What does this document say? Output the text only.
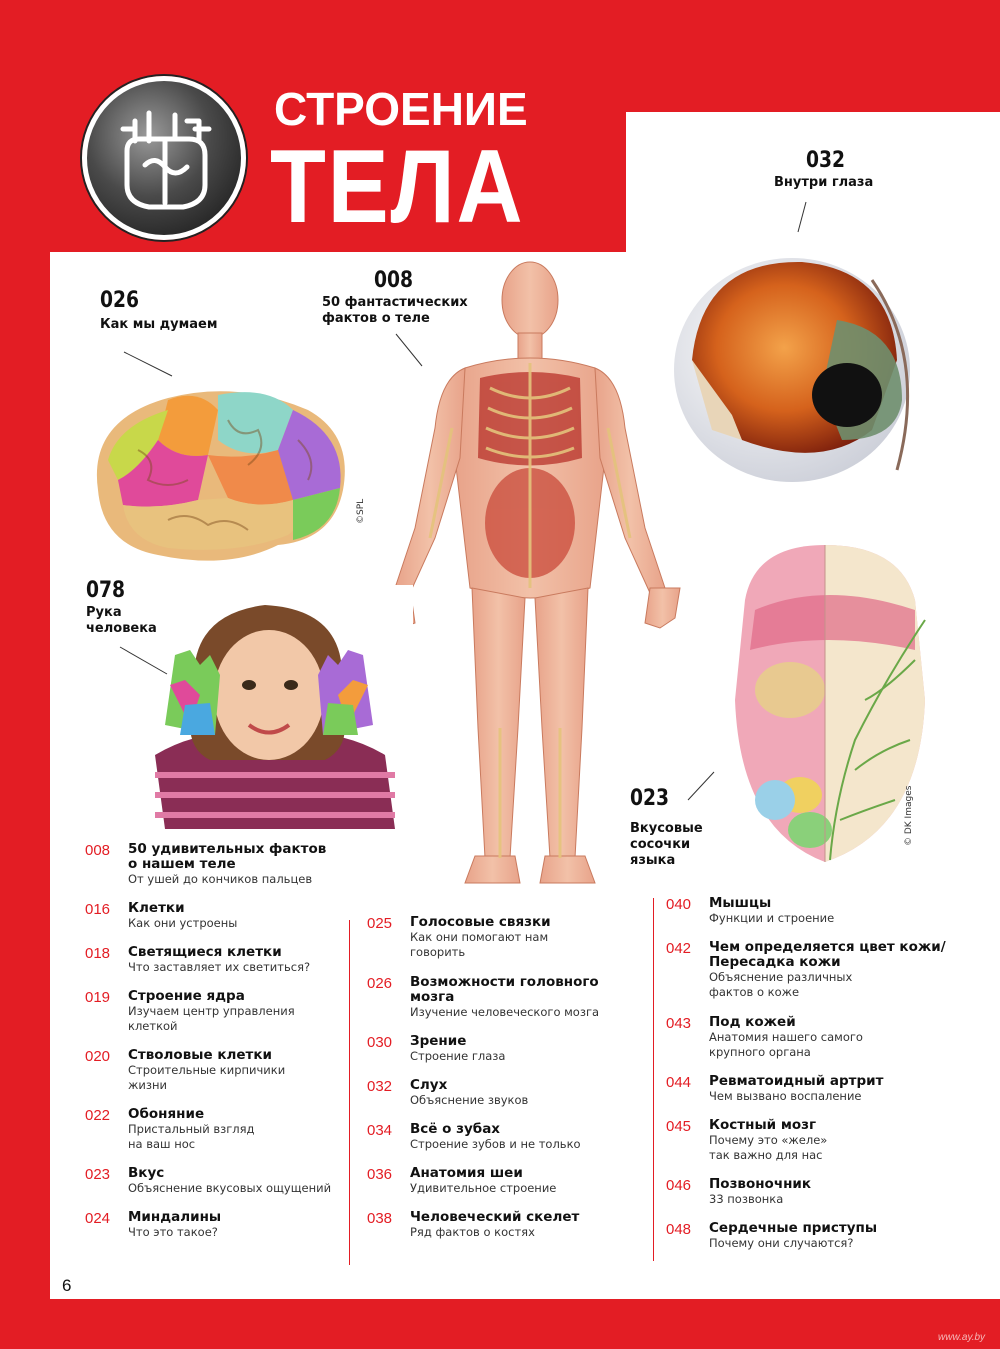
СТРОЕНИЕ
ТЕЛА	032
Внутри глаза
008
50 фантастических фактов о теле
026
Как мы думаем
078
Рука человека
023
Вкусовые сосочки языка
©SPL
© DK Images
008 50 удивительных фактов о нашем теле
От ушей до кончиков пальцев
016 Клетки
Как они устроены
018 Светящиеся клетки
Что заставляет их светиться?
019 Строение ядра
Изучаем центр управления клеткой
020 Стволовые клетки
Строительные кирпичики жизни
022 Обоняние
Пристальный взгляд на ваш нос
023 Вкус
Объяснение вкусовых ощущений
024 Миндалины
Что это такое?
025 Голосовые связки
Как они помогают нам говорить
026 Возможности головного мозга
Изучение человеческого мозга
030 Зрение
Строение глаза
032 Слух
Объяснение звуков
034 Всё о зубах
Строение зубов и не только
036 Анатомия шеи
Удивительное строение
038 Человеческий скелет
Ряд фактов о костях
040 Мышцы
Функции и строение
042 Чем определяется цвет кожи/ Пересадка кожи
Объяснение различных фактов о коже
043 Под кожей
Анатомия нашего самого крупного органа
044 Ревматоидный артрит
Чем вызвано воспаление
045 Костный мозг
Почему это «желе» так важно для нас
046 Позвоночник
33 позвонка
048 Сердечные приступы
Почему они случаются?
6
www.ay.by
